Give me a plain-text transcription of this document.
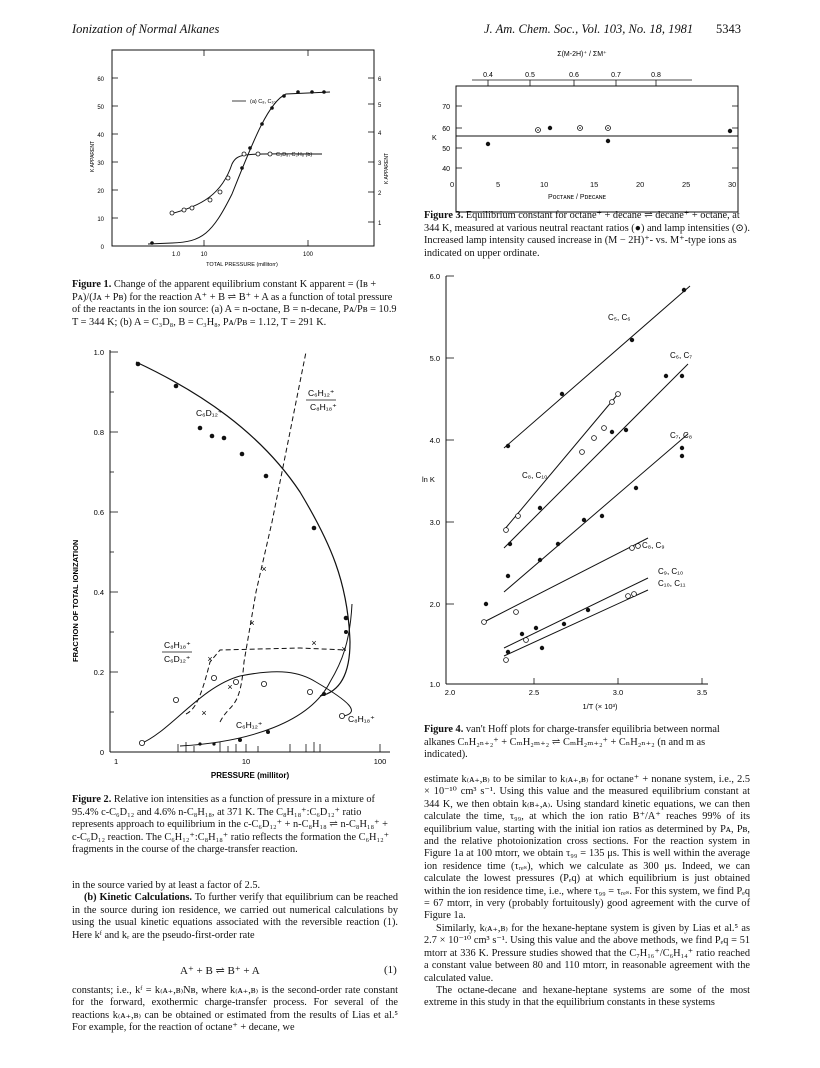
Ionization of Normal Alkanes	J. Am. Chem. Soc., Vol. 103, No. 18, 1981 5343
0
10
20
30
40
50
60
1
2
3
4
5
6
1.0	10	100
TOTAL PRESSURE (millitorr)
K APPARENT	K APPARENT
(a) C₈, C₁₀
C₃D₈, C₃H₈ (b)
Figure 1. Change of the apparent equilibrium constant K apparent = (Iʙ + Pᴀ)/(Jᴀ + Pʙ) for the reaction A⁺ + B ⇌ B⁺ + A as a function of total pressure of the reactants in the ion source: (a) A = n-octane, B = n-decane, Pᴀ/Pʙ = 10.9 T = 344 K; (b) A = C₃D₈, B = C₃H₈, Pᴀ/Pʙ = 1.12, T = 291 K.
0
0.2
0.4
0.6
0.8
1.0
1	10	100
PRESSURE (millitor)
FRACTION OF TOTAL IONIZATION
×
×
×
×
×
×
×
C₆D₁₂⁺
C₆H₁₂⁺
C₈H₁₈⁺
C₈H₁₈⁺
C₆D₁₂⁺
C₆H₁₂⁺
C₈H₁₈⁺
Figure 2. Relative ion intensities as a function of pressure in a mixture of 95.4% c-C₆D₁₂ and 4.6% n-C₈H₁₈, at 371 K. The C₈H₁₈⁺:C₆D₁₂⁺ ratio represents approach to equilibrium in the c-C₆D₁₂⁺ + n-C₈H₁₈ ⇌ n-C₈H₁₈⁺ + c-C₆D₁₂ reaction. The C₆H₁₂⁺:C₈H₁₈⁺ ratio reflects the formation the C₆H₁₂⁺ fragments in the course of the charge-transfer reaction.

in the source varied by at least a factor of 2.5.

(b) Kinetic Calculations. To further verify that equilibrium can be reached in the source during ion residence, we carried out numerical calculations by using the usual kinetic equations associated with the reversible reaction (1). Here kᶠ and kᵣ are the pseudo-first-order rate

A⁺ + B ⇌ B⁺ + A	(1)
constants; i.e., kᶠ = k₍ᴀ₊,ʙ₎Nʙ, where k₍ᴀ₊,ʙ₎ is the second-order rate constant for the forward, exothermic charge-transfer process. For several of the reactions k₍ᴀ₊,ʙ₎ can be obtained or estimated from the results of Lias et al.⁵ For example, for the reaction of octane⁺ + decane, we
Σ(M-2H)⁺ / ΣM⁺
0.4	0.5	0.6	0.7	0.8
40
50
60
70
K
0	5	10	15	20	25	30
Pᴏᴄᴛᴀɴᴇ / Pᴅᴇᴄᴀɴᴇ
Figure 3. Equilibrium constant for octane⁺ + decane ⇌ decane⁺ + octane, at 344 K, measured at various neutral reactant ratios (●) and lamp intensities (⊙). Increased lamp intensity caused increase in (M − 2H)⁺- vs. M⁺-type ions as indicated on upper ordinate.
1.0
2.0
3.0
4.0
5.0
6.0
2.0	2.5	3.0	3.5
1/T (× 10³)
ln K
C₅, C₆
C₆, C₇
C₇, C₈
C₈, C₁₀
C₈, C₉
C₉, C₁₀
C₁₀, C₁₁
Figure 4. van't Hoff plots for charge-transfer equilibria between normal alkanes CₙH₂ₙ₊₂⁺ + CₘH₂ₘ₊₂ ⇌ CₘH₂ₘ₊₂⁺ + CₙH₂ₙ₊₂ (n and m as indicated).

estimate k₍ᴀ₊,ʙ₎ to be similar to k₍ᴀ₊,ʙ₎ for octane⁺ + nonane system, i.e., 2.5 × 10⁻¹⁰ cm³ s⁻¹. Using this value and the measured equilibrium constant at 344 K, we then obtain k₍ʙ₊,ᴀ₎. Using standard kinetic equations, we can then calculate the time, τ₉₉, at which the ion ratio B⁺/A⁺ reaches 99% of its equilibrium value, starting with the initial ion ratios as determined by Pᴀ, Pʙ, and the relative photoionization cross sections. For the reaction system in Figure 1a at 100 mtorr, we obtain τ₉₉ = 135 μs. This is well within the average ion residence time (τᵣₑₛ), which we calculate as 300 μs. Indeed, we can calculate the lowest pressures (Pₑq) at which equilibrium is just obtained within the ion residence time, i.e., where τ₉₉ = τᵣₑₛ. For this system, we find Pₑq = 67 mtorr, in very (probably fortuitously) good agreement with the curve of Figure 1a.

Similarly, k₍ᴀ₊,ʙ₎ for the hexane-heptane system is given by Lias et al.⁵ as 2.7 × 10⁻¹⁰ cm³ s⁻¹. Using this value and the above methods, we find Pₑq = 51 mtorr at 336 K. Pressure studies showed that the C₇H₁₆⁺/C₆H₁₄⁺ ratio reached a constant value between 80 and 110 mtorr, in reasonable agreement with the calculated value.

The octane-decane and hexane-heptane systems are some of the most extreme in this study in that the equilibrium constants in these systems
